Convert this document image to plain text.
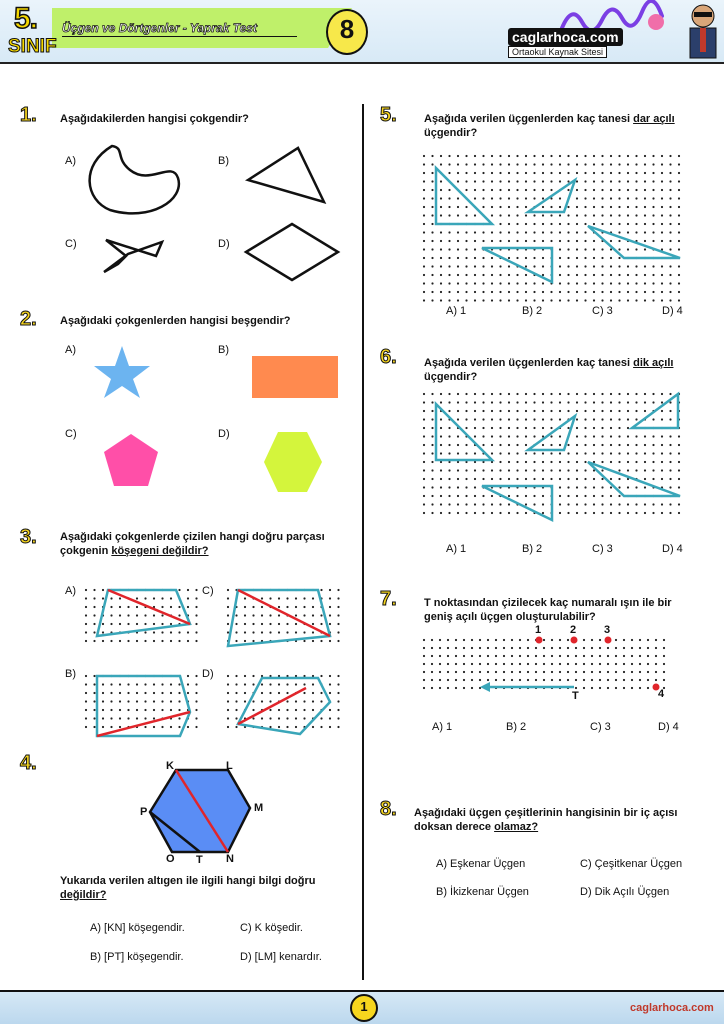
Üçgen ve Dörtgenler - Yaprak Test
5.
SINIF
8	caglarhoca.com
Ortaokul Kaynak Sitesi
1. Aşağıdakilerden hangisi çokgendir?
A)	B)
C)	D)
2. Aşağıdaki çokgenlerden hangisi beşgendir?
A)	B)
C)	D)
3. Aşağıdaki çokgenlerde çizilen hangi doğru parçası
çokgenin köşegeni değildir?
A)	C)
B)	D)
4.	K	L
M
N
T
O
P
Yukarıda verilen altıgen ile ilgili hangi bilgi doğru
değildir?
A) [KN] köşegendir.	C) K köşedir.
B) [PT] köşegendir.	D) [LM] kenardır.
5. Aşağıda verilen üçgenlerden kaç tanesi dar açılı
üçgendir?
A) 1	B) 2	C) 3	D) 4
6. Aşağıda verilen üçgenlerden kaç tanesi dik açılı
üçgendir?
A) 1	B) 2	C) 3	D) 4
7. T noktasından çizilecek kaç numaralı ışın ile bir
geniş açılı üçgen oluşturulabilir?
1	2	3
4
T
A) 1	B) 2	C) 3	D) 4
8. Aşağıdaki üçgen çeşitlerinin hangisinin bir iç açısı
doksan derece olamaz?
A) Eşkenar Üçgen	C) Çeşitkenar Üçgen
B) İkizkenar Üçgen	D) Dik Açılı Üçgen
1	caglarhoca.com
